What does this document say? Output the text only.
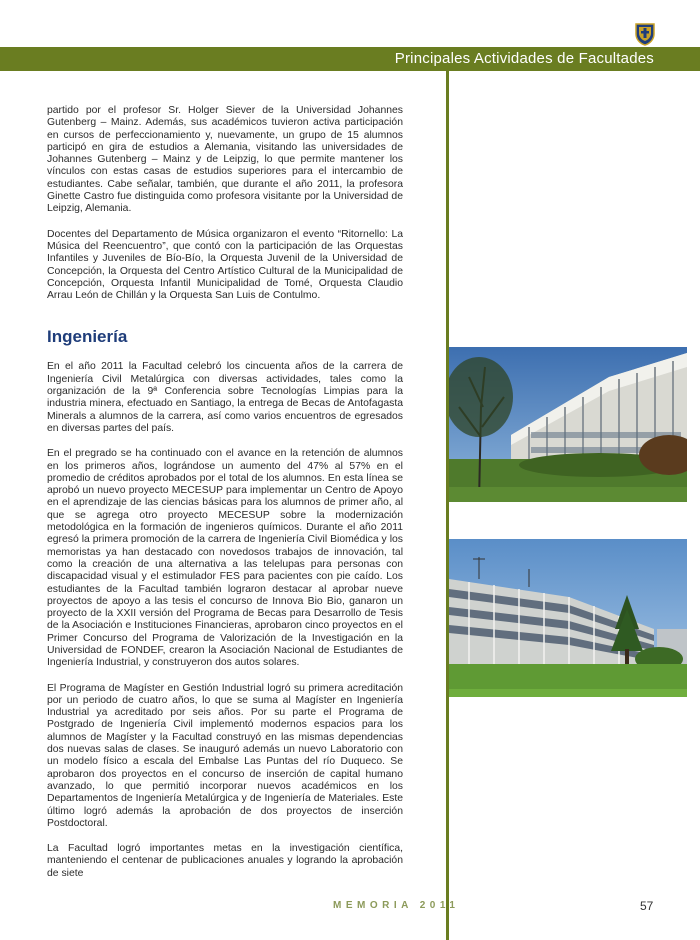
Principales Actividades de Facultades

partido por el profesor Sr. Holger Siever de la Universidad Johannes Gutenberg – Mainz. Además, sus académicos tuvieron activa participación en cursos de perfeccionamiento y, nuevamente, un grupo de 15 alumnos participó en gira de estudios a Alemania, visitando las universidades de Johannes Gutenberg – Mainz y de Leipzig, lo que permite mantener los vínculos con estas casas de estudios superiores para el intercambio de estudiantes. Cabe señalar, también, que durante el año 2011, la profesora Ginette Castro fue distinguida como profesora visitante por la Universidad de Leipzig, Alemania.

Docentes del Departamento de Música organizaron el evento “Ritornello: La Música del Reencuentro”, que contó con la participación de las Orquestas Infantiles y Juveniles de Bío-Bío, la Orquesta Juvenil de la Universidad de Concepción, la Orquesta del Centro Artístico Cultural de la Municipalidad de Concepción, Orquesta Infantil Municipalidad de Tomé, Orquesta Claudio Arrau León de Chillán y la Orquesta San Luis de Contulmo.

Ingeniería

En el año 2011 la Facultad celebró los cincuenta años de la carrera de Ingeniería Civil Metalúrgica con diversas actividades, tales como la organización de la 9ª Conferencia sobre Tecnologías Limpias para la industria minera, efectuado en Santiago, la entrega de Becas de Antofagasta Minerals a alumnos de la carrera, así como varios encuentros de egresados en diversas partes del país.

En el pregrado se ha continuado con el avance en la retención de alumnos en los primeros años, lográndose un aumento del 47% al 57% en el promedio de créditos aprobados por el total de los alumnos. En esta línea se aprobó un nuevo proyecto MECESUP para implementar un Centro de Apoyo en el aprendizaje de las ciencias básicas para los alumnos de primer año, al que se agrega otro proyecto MECESUP sobre la modernización metodológica en la formación de ingenieros químicos. Durante el año 2011 egresó la primera promoción de la carrera de Ingeniería Civil Biomédica y los memoristas ya han destacado con novedosos trabajos de innovación, tal como la creación de una alternativa a las telelupas para personas con discapacidad visual y el estimulador FES para pacientes con pie caído. Los estudiantes de la Facultad también lograron destacar al aprobar nueve proyectos de apoyo a las tesis el concurso de Innova Bio Bio, ganaron un proyecto de la XXII versión del Programa de Becas para Desarrollo de Tesis de la Asociación e Instituciones Financieras, aprobaron cinco proyectos en el Primer Concurso del Programa de Valorización de la Investigación en la Universidad de FONDEF, crearon la Asociación Nacional de Estudiantes de Ingeniería Industrial, y construyeron dos autos solares.

El Programa de Magíster en Gestión Industrial logró su primera acreditación por un periodo de cuatro años, lo que se suma al Magíster en Ingeniería Industrial ya acreditado por seis años. Por su parte el Programa de Postgrado de Ingeniería Civil implementó modernos espacios para los alumnos de Magíster y la Facultad construyó en las mismas dependencias dos nuevas salas de clases. Se inauguró además un nuevo Laboratorio con un modelo físico a escala del Embalse Las Puntas del río Duqueco. Se aprobaron dos proyectos en el concurso de inserción de capital humano avanzado, lo que permitió incorporar nuevos académicos en los Departamentos de Ingeniería Metalúrgica y de Ingeniería de Materiales. Este último logró además la aprobación de dos proyectos de inserción Postdoctoral.

La Facultad logró importantes metas en la investigación científica, manteniendo el centenar de publicaciones anuales y logrando la aprobación de siete

MEMORIA 2011	57
